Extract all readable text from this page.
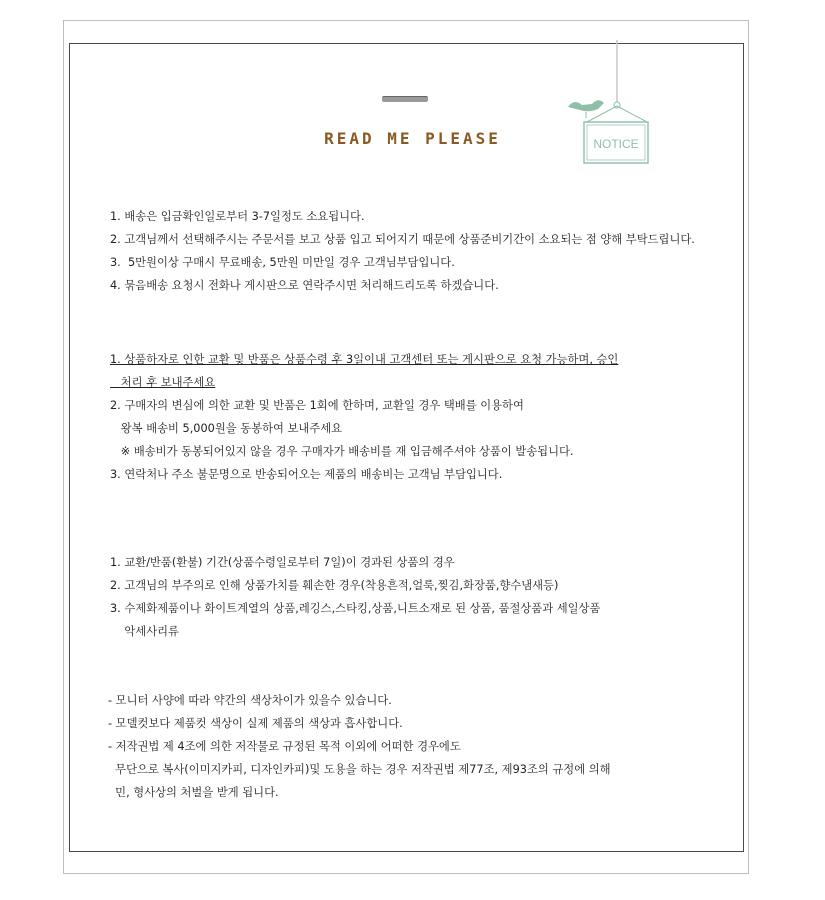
READ ME PLEASE	NOTICE

1. 배송은 입금확인일로부터 3-7일정도 소요됩니다.

2. 고객님께서 선택해주시는 주문서를 보고 상품 입고 되어지기 때문에 상품준비기간이 소요되는 점 양해 부탁드립니다.

3.  5만원이상 구매시 무료배송, 5만원 미만일 경우 고객님부담입니다.

4. 묶음배송 요청시 전화나 게시판으로 연락주시면 처리해드리도록 하겠습니다.

1. 상품하자로 인한 교환 및 반품은 상품수령 후 3일이내 고객센터 또는 게시판으로 요청 가능하며, 승인

처리 후 보내주세요

2. 구매자의 변심에 의한 교환 및 반품은 1회에 한하며, 교환일 경우 택배를 이용하여

왕복 배송비 5,000원을 동봉하여 보내주세요

※ 배송비가 동봉되어있지 않을 경우 구매자가 배송비를 재 입금해주셔야 상품이 발송됩니다.

3. 연락처나 주소 불문명으로 반송되어오는 제품의 배송비는 고객님 부담입니다.

1. 교환/반품(환불) 기간(상품수령일로부터 7일)이 경과된 상품의 경우

2. 고객님의 부주의로 인해 상품가치를 훼손한 경우(착용흔적,얼룩,찢김,화장품,향수냄새등)

3. 수제화제품이나 화이트계열의 상품,레깅스,스타킹,상품,니트소재로 된 상품, 품절상품과 세일상품

악세사리류

- 모니터 사양에 따라 약간의 색상차이가 있을수 있습니다.

- 모델컷보다 제품컷 색상이 실제 제품의 색상과 흡사합니다.

- 저작권법 제 4조에 의한 저작물로 규정된 목적 이외에 어떠한 경우에도

무단으로 복사(이미지카피, 디자인카피)및 도용을 하는 경우 저작권법 제77조, 제93조의 규정에 의해

민, 형사상의 처벌을 받게 됩니다.
